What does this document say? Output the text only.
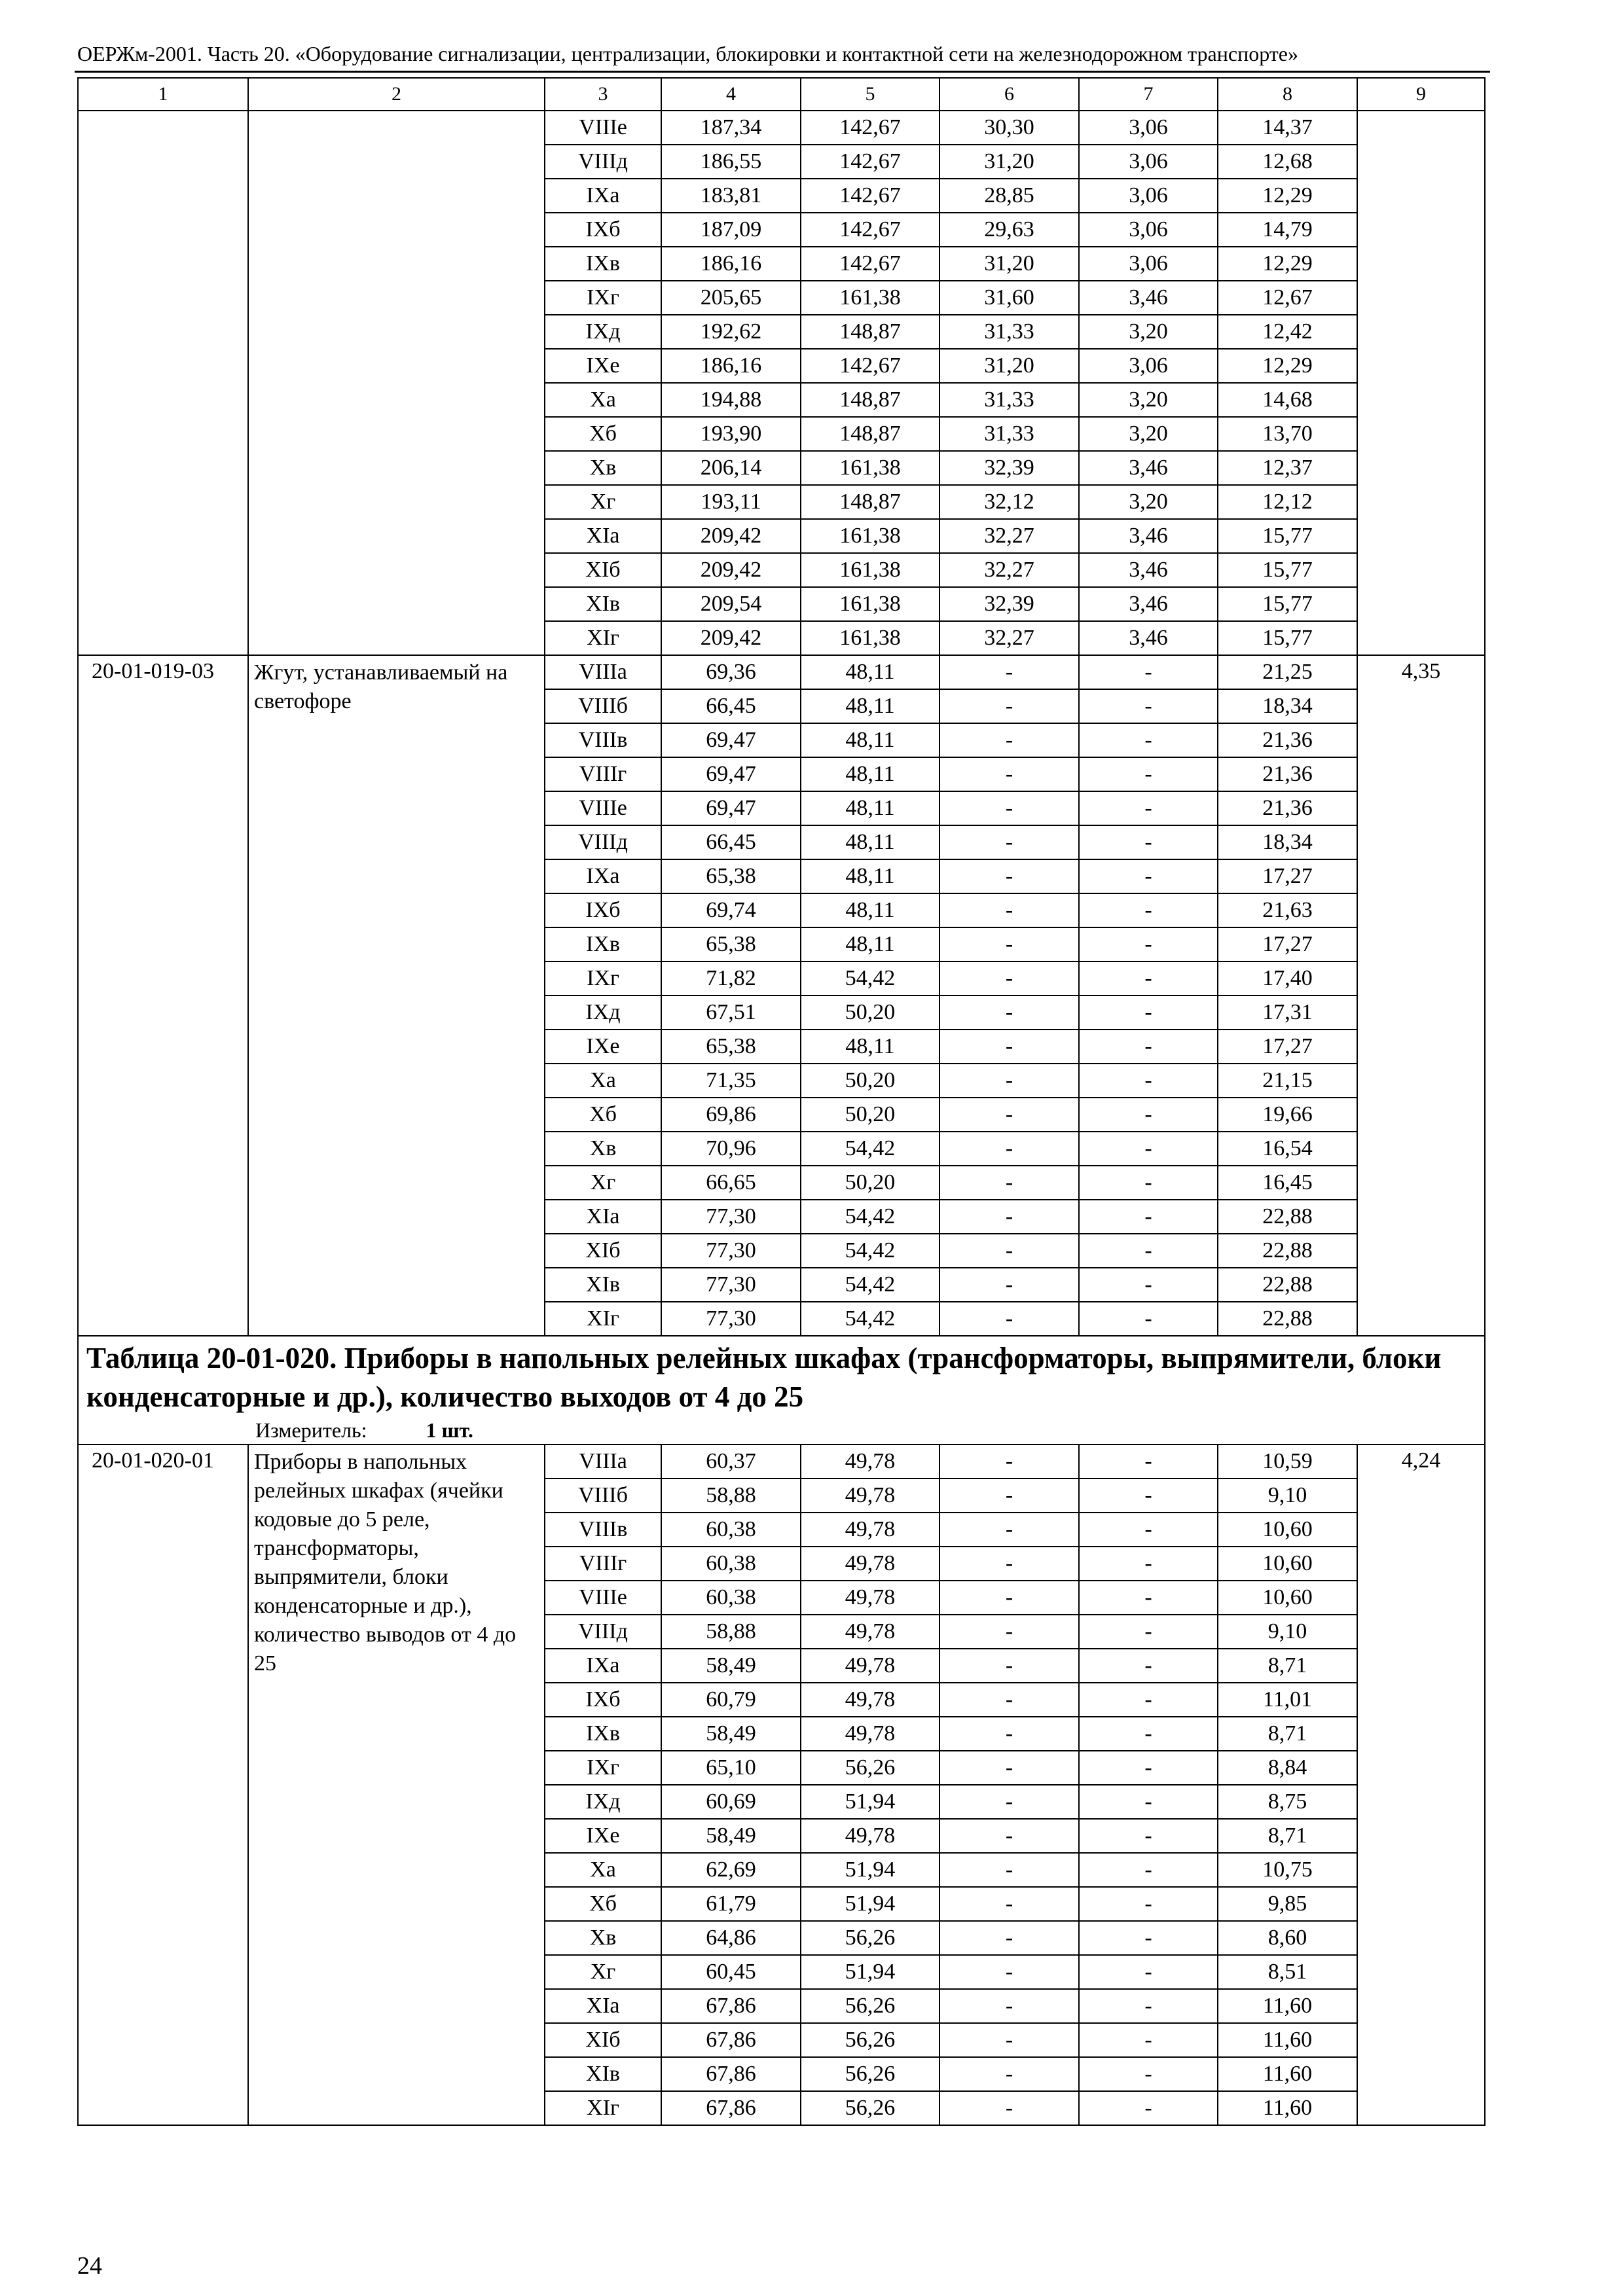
ОЕРЖм-2001. Часть 20. «Оборудование сигнализации, централизации, блокировки и контактной сети на железнодорожном транспорте»
1	2	3	4	5	6	7	8	9
		VIIIе	187,34	142,67	30,30	3,06	14,37	
		VIIIд	186,55	142,67	31,20	3,06	12,68	
		IXа	183,81	142,67	28,85	3,06	12,29	
		IXб	187,09	142,67	29,63	3,06	14,79	
		IXв	186,16	142,67	31,20	3,06	12,29	
		IXг	205,65	161,38	31,60	3,46	12,67	
		IXд	192,62	148,87	31,33	3,20	12,42	
		IXе	186,16	142,67	31,20	3,06	12,29	
		Xа	194,88	148,87	31,33	3,20	14,68	
		Xб	193,90	148,87	31,33	3,20	13,70	
		Xв	206,14	161,38	32,39	3,46	12,37	
		Xг	193,11	148,87	32,12	3,20	12,12	
		XIа	209,42	161,38	32,27	3,46	15,77	
		XIб	209,42	161,38	32,27	3,46	15,77	
		XIв	209,54	161,38	32,39	3,46	15,77	
		XIг	209,42	161,38	32,27	3,46	15,77	
20-01-019-03	Жгут, устанавливаемый на светофоре	VIIIа	69,36	48,11	-	-	21,25	4,35
		VIIIб	66,45	48,11	-	-	18,34	
		VIIIв	69,47	48,11	-	-	21,36	
		VIIIг	69,47	48,11	-	-	21,36	
		VIIIе	69,47	48,11	-	-	21,36	
		VIIIд	66,45	48,11	-	-	18,34	
		IXа	65,38	48,11	-	-	17,27	
		IXб	69,74	48,11	-	-	21,63	
		IXв	65,38	48,11	-	-	17,27	
		IXг	71,82	54,42	-	-	17,40	
		IXд	67,51	50,20	-	-	17,31	
		IXе	65,38	48,11	-	-	17,27	
		Xа	71,35	50,20	-	-	21,15	
		Xб	69,86	50,20	-	-	19,66	
		Xв	70,96	54,42	-	-	16,54	
		Xг	66,65	50,20	-	-	16,45	
		XIа	77,30	54,42	-	-	22,88	
		XIб	77,30	54,42	-	-	22,88	
		XIв	77,30	54,42	-	-	22,88	
		XIг	77,30	54,42	-	-	22,88	

Таблица 20-01-020. Приборы в напольных релейных шкафах (трансформаторы, выпрямители, блоки конденсаторные и др.), количество выходов от 4 до 25
Измеритель: 1 шт.								

20-01-020-01	Приборы в напольных релейных шкафах (ячейки кодовые до 5 реле, трансформаторы, выпрямители, блоки конденсаторные и др.), количество выводов от 4 до 25	VIIIа	60,37	49,78	-	-	10,59	4,24
		VIIIб	58,88	49,78	-	-	9,10	
		VIIIв	60,38	49,78	-	-	10,60	
		VIIIг	60,38	49,78	-	-	10,60	
		VIIIе	60,38	49,78	-	-	10,60	
		VIIIд	58,88	49,78	-	-	9,10	
		IXа	58,49	49,78	-	-	8,71	
		IXб	60,79	49,78	-	-	11,01	
		IXв	58,49	49,78	-	-	8,71	
		IXг	65,10	56,26	-	-	8,84	
		IXд	60,69	51,94	-	-	8,75	
		IXе	58,49	49,78	-	-	8,71	
		Xа	62,69	51,94	-	-	10,75	
		Xб	61,79	51,94	-	-	9,85	
		Xв	64,86	56,26	-	-	8,60	
		Xг	60,45	51,94	-	-	8,51	
		XIа	67,86	56,26	-	-	11,60	
		XIб	67,86	56,26	-	-	11,60	
		XIв	67,86	56,26	-	-	11,60	
		XIг	67,86	56,26	-	-	11,60	
24
